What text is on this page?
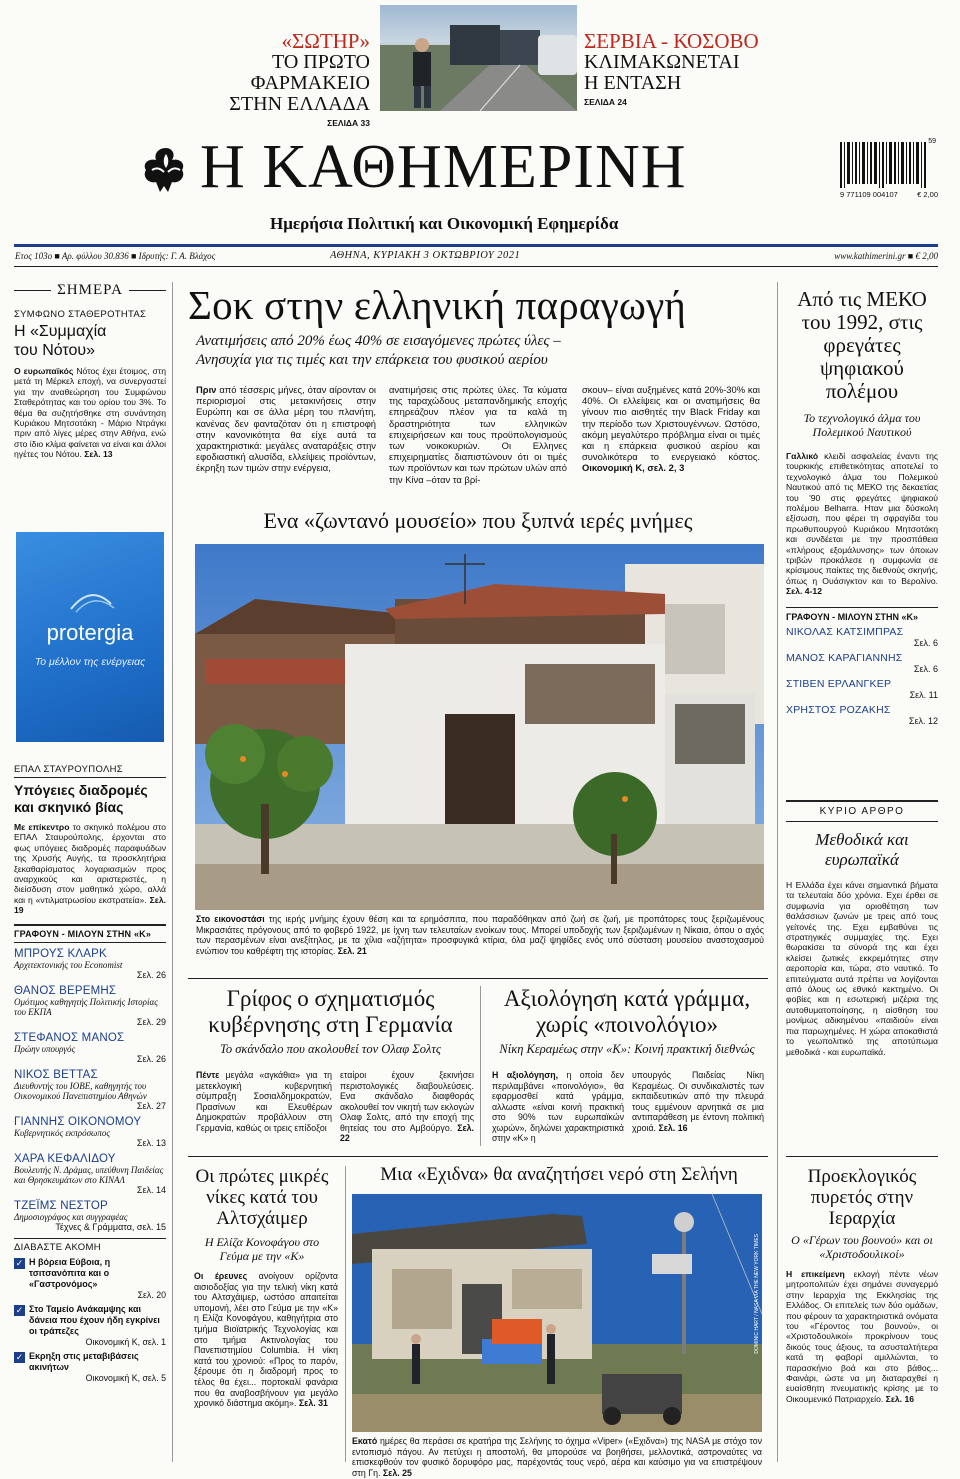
«ΣΩΤΗΡ»
ΤΟ ΠΡΩΤΟ ΦΑΡΜΑΚΕΙΟ
ΣΤΗΝ ΕΛΛΑΔΑ
ΣΕΛΙΔΑ 33
ΣΕΡΒΙΑ - ΚΟΣΟΒΟ
ΚΛΙΜΑΚΩΝΕΤΑΙ
Η ΕΝΤΑΣΗ
ΣΕΛΙΔΑ 24
Η ΚΑΘΗΜΕΡΙΝΗ
Ημερήσια Πολιτική και Οικονομική Εφημερίδα
59
9 771109 004107	€ 2,00
Ετος 103ο ■ Αρ. φύλλου 30.836 ■ Ιδρυτής: Γ. Α. Βλάχος	ΑΘΗΝΑ, ΚΥΡΙΑΚΗ 3 ΟΚΤΩΒΡΙΟΥ 2021	www.kathimerini.gr ■ € 2,00
ΣΗΜΕΡΑ
ΣΥΜΦΩΝΟ ΣΤΑΘΕΡΟΤΗΤΑΣ
Η «Συμμαχία του Νότου»
Ο ευρωπαϊκός Νότος έχει έτοιμος, στη μετά τη Μέρκελ εποχή, να συνεργαστεί για την αναθεώρηση του Συμφώνου Σταθερότητας και του ορίου του 3%. Το θέμα θα συζητήσθηκε στη συνάντηση Κυριάκου Μητσοτάκη - Μάριο Ντράγκι πριν από λίγες μέρες στην Αθήνα, ενώ στο ίδιο κλίμα φαίνεται να είναι και άλλοι ηγέτες του Νότου. Σελ. 13
protergia
Το μέλλον της ενέργειας
ΕΠΑΛ ΣΤΑΥΡΟΥΠΟΛΗΣ
Υπόγειες διαδρομές και σκηνικό βίας
Με επίκεντρο το σκηνικό πολέμου στο ΕΠΑΛ Σταυρούπολης, έρχονται στο φως υπόγειες διαδρομές παραφυάδων της Χρυσής Αυγής, τα προσκλητήρια ξεκαθαρίσματος λογαριασμών προς αναρχικούς και αριστεριστές, η διείσδυση στον μαθητικό χώρο, αλλά και η «ντιλματρωσίου εκστρατεία». Σελ. 19
ΓΡΑΦΟΥΝ - ΜΙΛΟΥΝ ΣΤΗΝ «Κ»
ΜΠΡΟΥΣ ΚΛΑΡΚ
Αρχιτεκτονικής του Economist
Σελ. 26
ΘΑΝΟΣ ΒΕΡΕΜΗΣ
Ομότιμος καθηγητής Πολιτικής Ιστορίας του ΕΚΠΑ
Σελ. 29
ΣΤΕΦΑΝΟΣ ΜΑΝΟΣ
Πρώην υπουργός
Σελ. 26
ΝΙΚΟΣ ΒΕΤΤΑΣ
Διευθυντής του ΙΟΒΕ, καθηγητής του Οικονομικού Πανεπιστημίου Αθηνών
Σελ. 27
ΓΙΑΝΝΗΣ ΟΙΚΟΝΟΜΟΥ
Κυβερνητικός εκπρόσωπος
Σελ. 13
ΧΑΡΑ ΚΕΦΑΛΙΔΟΥ
Βουλευτής Ν. Δράμας, υπεύθυνη Παιδείας και Θρησκευμάτων στο ΚΙΝΑΛ
Σελ. 14
ΤΖΕΪΜΣ ΝΕΣΤΟΡ
Δημοσιογράφος και συγγραφέας
Τέχνες & Γράμματα, σελ. 15
ΔΙΑΒΑΣΤΕ ΑΚΟΜΗ
✓ Η βόρεια Εύβοια, η τσιτσανόπιτα και ο «Γαστρονόμος»
Σελ. 20
✓ Στο Ταμείο Ανάκαμψης και δάνεια που έχουν ήδη εγκρίνει οι τράπεζες
Οικονομική Κ, σελ. 1
✓ Εκρηξη στις μεταβιβάσεις ακινήτων
Οικονομική Κ, σελ. 5
Σοκ στην ελληνική παραγωγή
Ανατιμήσεις από 20% έως 40% σε εισαγόμενες πρώτες ύλες –
Ανησυχία για τις τιμές και την επάρκεια του φυσικού αερίου
Πριν από τέσσερις μήνες, όταν αίρονταν οι περιορισμοί στις μετακινήσεις στην Ευρώπη και σε άλλα μέρη του πλανήτη, κανένας δεν φανταζόταν ότι η επιστροφή στην κανονικότητα θα είχε αυτά τα χαρακτηριστικά: μεγάλες αναταράξεις στην εφοδιαστική αλυσίδα, ελλείψεις προϊόντων, έκρηξη των τιμών στην ενέργεια,
ανατιμήσεις στις πρώτες ύλες. Τα κύματα της ταραχώδους μεταπανδημικής εποχής επηρεάζουν πλέον για τα καλά τη δραστηριότητα των ελληνικών επιχειρήσεων και τους προϋπολογισμούς των νοικοκυριών. Οι Ελληνες επιχειρηματίες διαπιστώνουν ότι οι τιμές των προϊόντων και των πρώτων υλών από την Κίνα –όταν τα βρί-
σκουν– είναι αυξημένες κατά 20%-30% και 40%. Οι ελλείψεις και οι ανατιμήσεις θα γίνουν πιο αισθητές την Black Friday και την περίοδο των Χριστουγέννων. Ωστόσο, ακόμη μεγαλύτερο πρόβλημα είναι οι τιμές και η επάρκεια φυσικού αερίου και συνολικότερα το ενεργειακό κόστος. Οικονομική Κ, σελ. 2, 3
Ενα «ζωντανό μουσείο» που ξυπνά ιερές μνήμες
Στο εικονοστάσι της ιερής μνήμης έχουν θέση και τα ερημόσπιτα, που παραδόθηκαν από ζωή σε ζωή, με προπάτορες τους ξεριζωμένους Μικρασιάτες πρόγονους από το φοβερό 1922, με ίχνη των τελευταίων ενοίκων τους. Μπορεί υποδοχής των ξεριζωμένων η Νίκαια, όπου ο αχός των περασμένων είναι ανεξίτηλος, με τα χίλια «αζήτητα» προσφυγικά κτίρια, όλα μαζί ψηφίδες ενός υπό σύσταση μουσείου αναστοχασμού ενώπιον του καθρέφτη της ιστορίας. Σελ. 21
Γρίφος ο σχηματισμός κυβέρνησης στη Γερμανία
Το σκάνδαλο που ακολουθεί τον Ολαφ Σολτς
Πέντε μεγάλα «αγκάθια» για τη μετεκλογική κυβερνητική σύμπραξη Σοσιαλδημοκρατών, Πρασίνων και Ελευθέρων Δημοκρατών προβάλλουν στη Γερμανία, καθώς οι τρεις επίδοξοι
εταίροι έχουν ξεκινήσει περιστολογικές διαβουλεύσεις. Ενα σκάνδαλο διαφθοράς ακολουθεί τον νικητή των εκλογών Ολαφ Σολτς, από την εποχή της θητείας του στο Αμβούργο. Σελ. 22
Αξιολόγηση κατά γράμμα, χωρίς «ποινολόγιο»
Νίκη Κεραμέως στην «Κ»: Κοινή πρακτική διεθνώς
Η αξιολόγηση, η οποία δεν περιλαμβάνει «ποινολόγιο», θα εφαρμοσθεί κατά γράμμα, αλλωστε «είναι κοινή πρακτική στο 90% των ευρωπαϊκών χωρών», δηλώνει χαρακτηριστικά στην «Κ» η
υπουργός Παιδείας Νίκη Κεραμέως. Οι συνδικαλιστές των εκπαιδευτικών από την πλευρά τους εμμένουν αρνητικά σε μια αντιπαράθεση με έντονη πολιτική χροιά. Σελ. 16
Οι πρώτες μικρές νίκες κατά του Αλτσχάιμερ
Η Ελίζα Κονοφάγου στο Γεύμα με την «Κ»
Οι έρευνες ανοίγουν ορίζοντα αισιοδοξίας για την τελική νίκη κατά του Αλτσχάιμερ, ωστόσο απαιτείται υπομονή, λέει στο Γεύμα με την «Κ» η Ελίζα Κονοφάγου, καθηγήτρια στο τμήμα Βιοϊατρικής Τεχνολογίας και στο τμήμα Ακτινολογίας του Πανεπιστημίου Columbia. Η νίκη κατά του χρονιού: «Προς το παρόν, ξέρουμε ότι η διαδρομή προς το τέλος θα έχει... πορτοκαλί φανάρια που θα αναβοσβήνουν για μεγάλο χρονικό διάστημα ακόμη». Σελ. 31
Μια «Εχιδνα» θα αναζητήσει νερό στη Σελήνη
DOMINIC HART / NASA VIA THE NEW YORK TIMES
Εκατό ημέρες θα περάσει σε κρατήρα της Σελήνης το όχημα «Viper» («Εχιδνα») της NASA με στόχο τον εντοπισμό πάγου. Αν πετύχει η αποστολή, θα μπορούσε να βοηθήσει, μελλοντικά, αστροναύτες να επισκεφθούν τον φυσικό δορυφόρο μας, παρέχοντάς τους νερό, αέρα και καύσιμο για να επιστρέψουν στη Γη. Σελ. 25
Από τις ΜΕΚΟ του 1992, στις φρεγάτες ψηφιακού πολέμου
Το τεχνολογικό άλμα του Πολεμικού Ναυτικού
Γαλλικό κλειδί ασφαλείας έναντι της τουρκικής επιθετικότητας αποτελεί το τεχνολογικό άλμα του Πολεμικού Ναυτικού από τις ΜΕΚΟ της δεκαετίας του '90 στις φρεγάτες ψηφιακού πολέμου Belharra. Ηταν μια δύσκολη εξίσωση, που φέρει τη σφραγίδα του πρωθυπουργού Κυριάκου Μητσοτάκη και συνδέεται με την προσπάθεια «πλήρους εξομάλυνσης» των όποιων τριβών προκάλεσε η συμφωνία σε κρίσιμους παίκτες της διεθνούς σκηνής, όπως η Ουάσιγκτον και το Βερολίνο. Σελ. 4-12
ΓΡΑΦΟΥΝ - ΜΙΛΟΥΝ ΣΤΗΝ «Κ»
ΝΙΚΟΛΑΣ ΚΑΤΣΙΜΠΡΑΣ
Σελ. 6
ΜΑΝΟΣ ΚΑΡΑΓΙΑΝΝΗΣ
Σελ. 6
ΣΤΙΒΕΝ ΕΡΛΑΝΓΚΕΡ
Σελ. 11
ΧΡΗΣΤΟΣ ΡΟΖΑΚΗΣ
Σελ. 12
ΚΥΡΙΟ ΑΡΘΡΟ
Μεθοδικά και ευρωπαϊκά
Η Ελλάδα έχει κάνει σημαντικά βήματα τα τελευταία δύο χρόνια. Εχει έρθει σε συμφωνία για οριοθέτηση των θαλάσσιων ζωνών με τρεις από τους γείτονές της. Εχει εμβαθύνει τις στρατηγικές συμμαχίες της. Εχει θωρακίσει τα σύνορά της και έχει κλείσει ζωτικές εκκρεμότητες στην αεροπορία και, τώρα, στο ναυτικό. Το επιτεύγματα αυτά πρέπει να λογίζονται από όλους ως εθνικό κεκτημένο. Οι φοβίες και η εσωτερική μιζέρια της αυτοθυματοποίησης, η αίσθηση του μονίμως αδικημένου «παιδιού» είναι πια παρωχημένες. Η χώρα αποκαθιστά το γεωπολιτικό της αποτύπωμα μεθοδικά - και ευρωπαϊκά.
Προεκλογικός πυρετός στην Ιεραρχία
Ο «Γέρων του βουνού» και οι «Χριστοδουλικοί»
Η επικείμενη εκλογή πέντε νέων μητροπολιτών έχει σημάνει συναγερμό στην Ιεραρχία της Εκκλησίας της Ελλάδος. Οι επιτελείς των δύο ομάδων, που φέρουν τα χαρακτηριστικά ονόματα του «Γέροντος του βουνού», οι «Χριστοδουλικοί» προκρίνουν τους δικούς τους άξιους, τα ασυσταλτήτερα κατά τη φαβορί αμιλλώνται, το παρασκήνιο βοά και στο βάθος... Φαινάρι, ώστε να μη διαταραχθεί η ευαίσθητη πνευματικής κρίσης με το Οικουμενικό Πατριαρχείο. Σελ. 16
